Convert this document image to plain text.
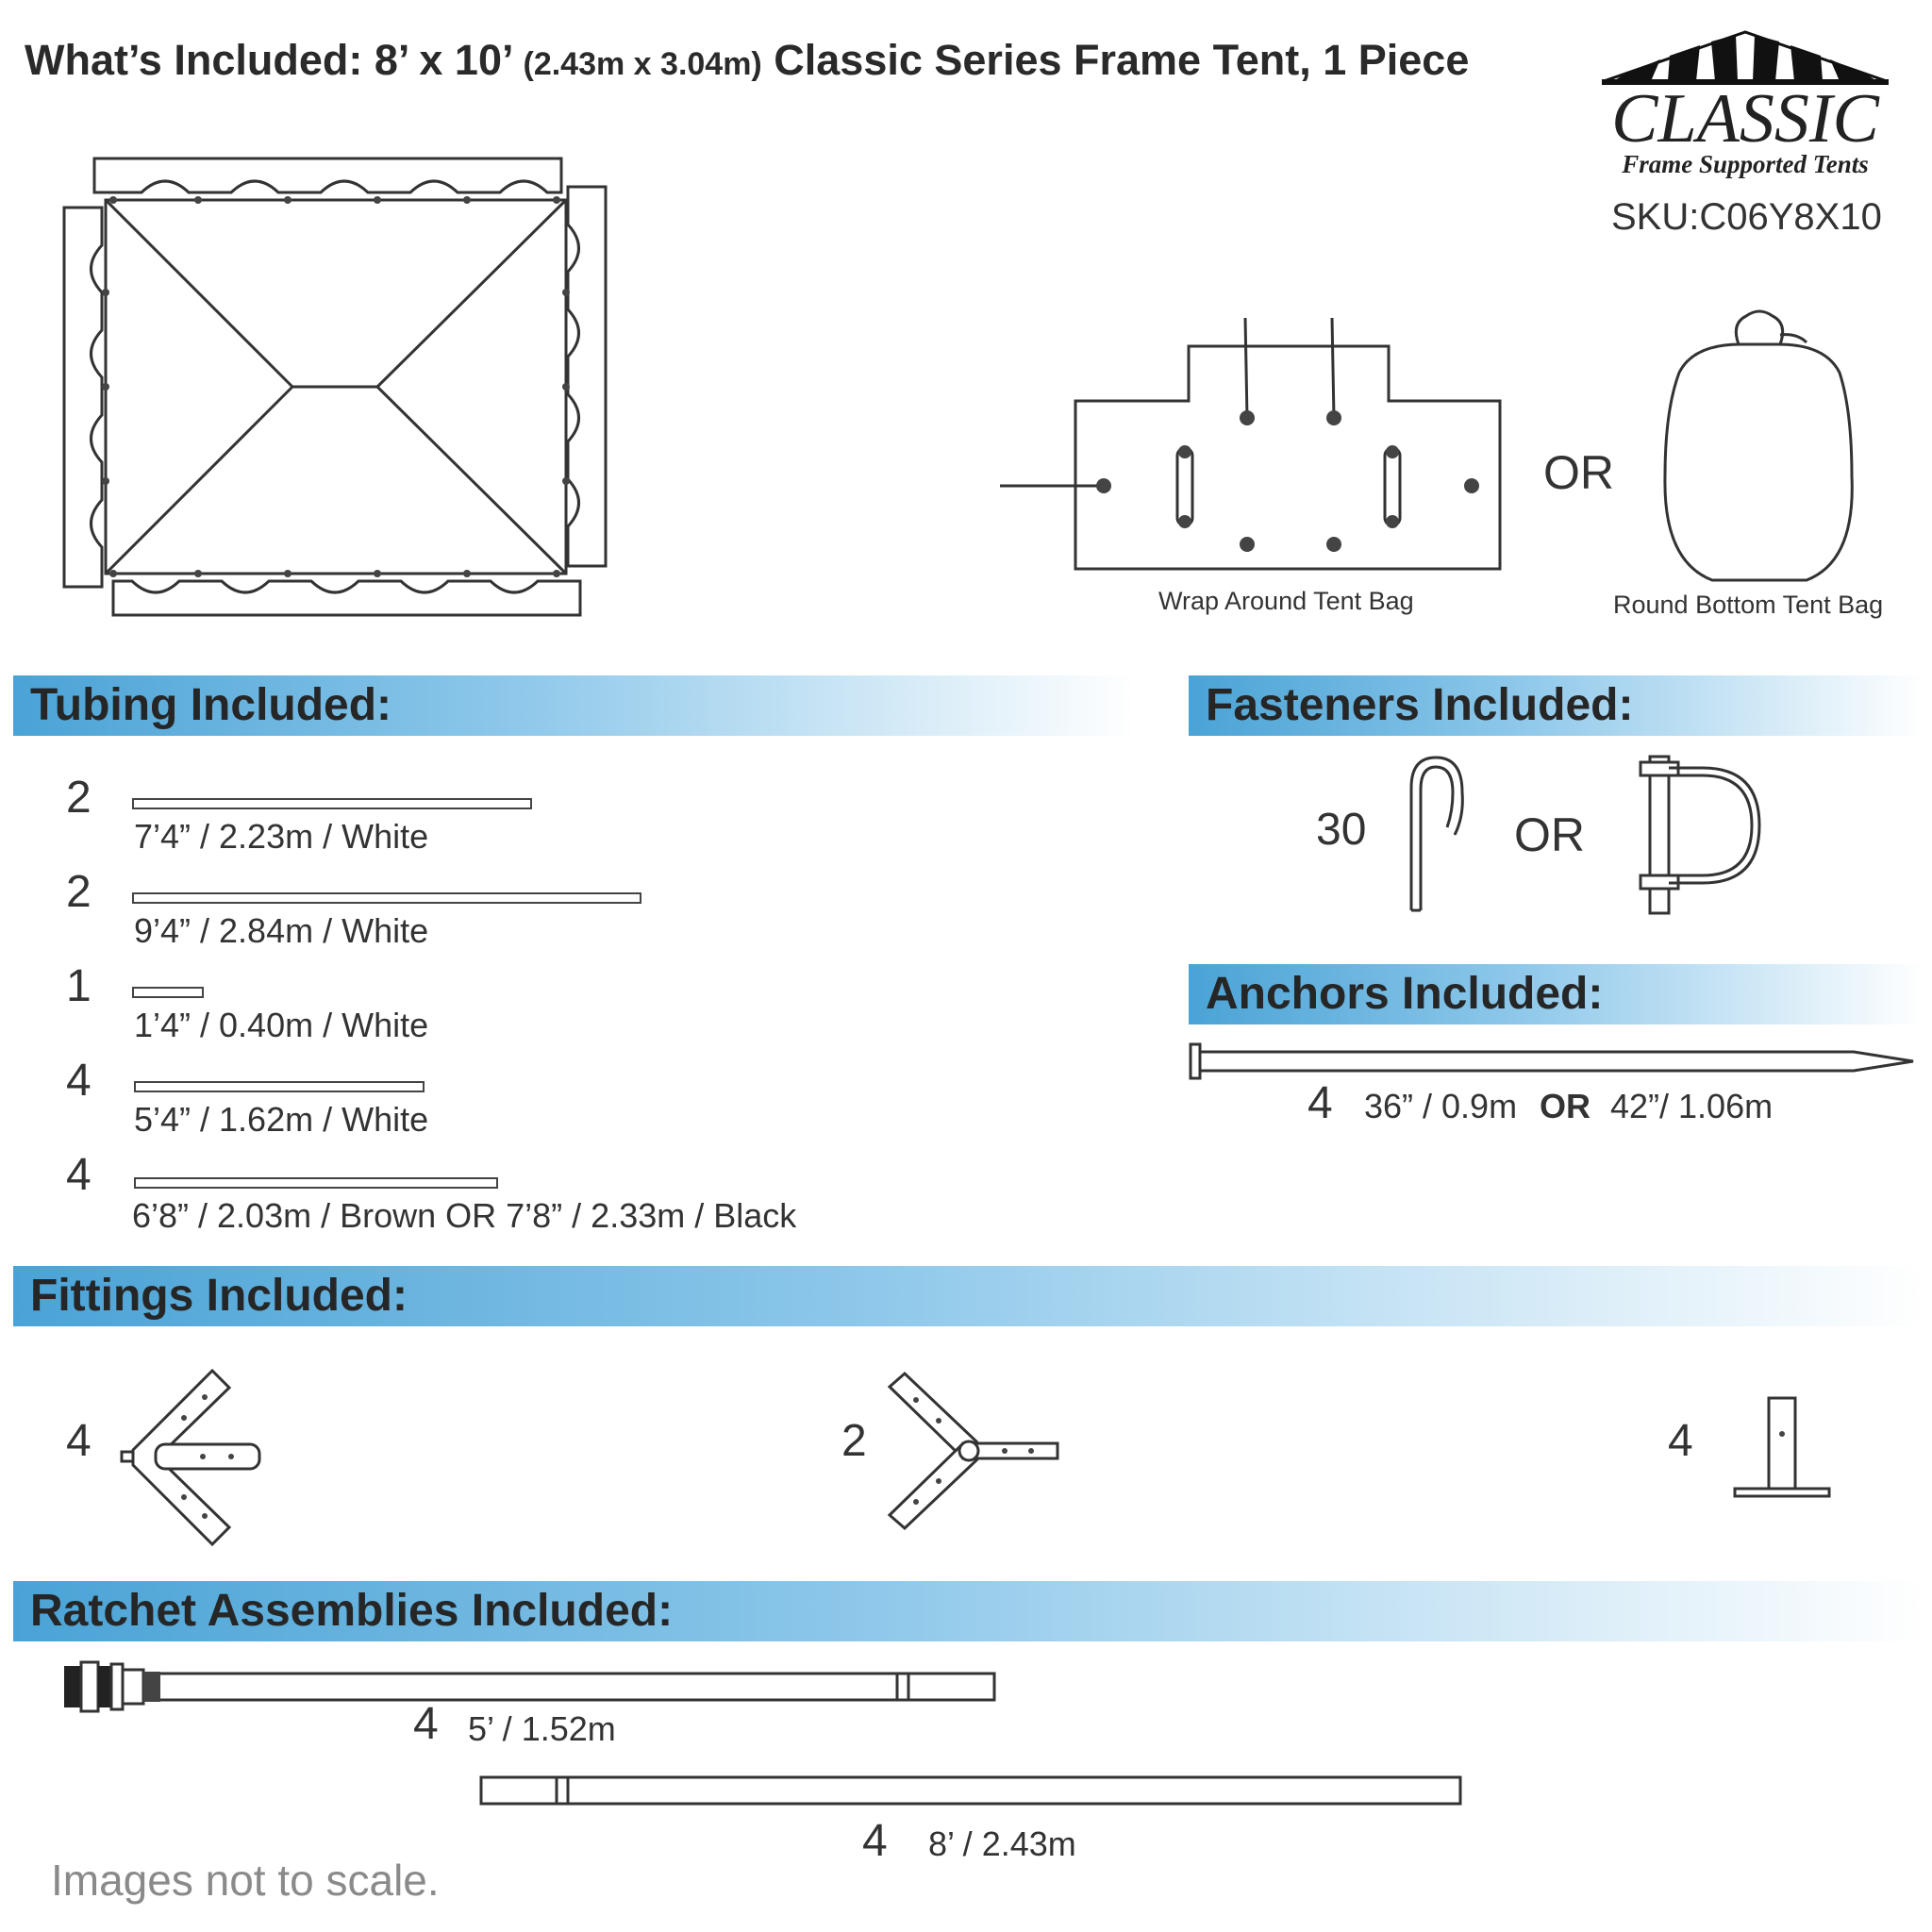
What’s Included: 8’ x 10’ (2.43m x 3.04m) Classic Series Frame Tent, 1 Piece
CLASSIC
Frame Supported Tents
SKU:C06Y8X10
OR
Wrap Around Tent Bag	Round Bottom Tent Bag
Tubing Included:
2
7’4” / 2.23m / White
2
9’4” / 2.84m / White
1
1’4” / 0.40m / White
4
5’4” / 1.62m / White
4
6’8” / 2.03m / Brown OR 7’8” / 2.33m / Black
Fasteners Included:
30	OR
Anchors Included:
4 36” / 0.9m OR 42”/ 1.06m
Fittings Included:
4	2	4
Ratchet Assemblies Included:
4 5’ / 1.52m
4 8’ / 2.43m
Images not to scale.
